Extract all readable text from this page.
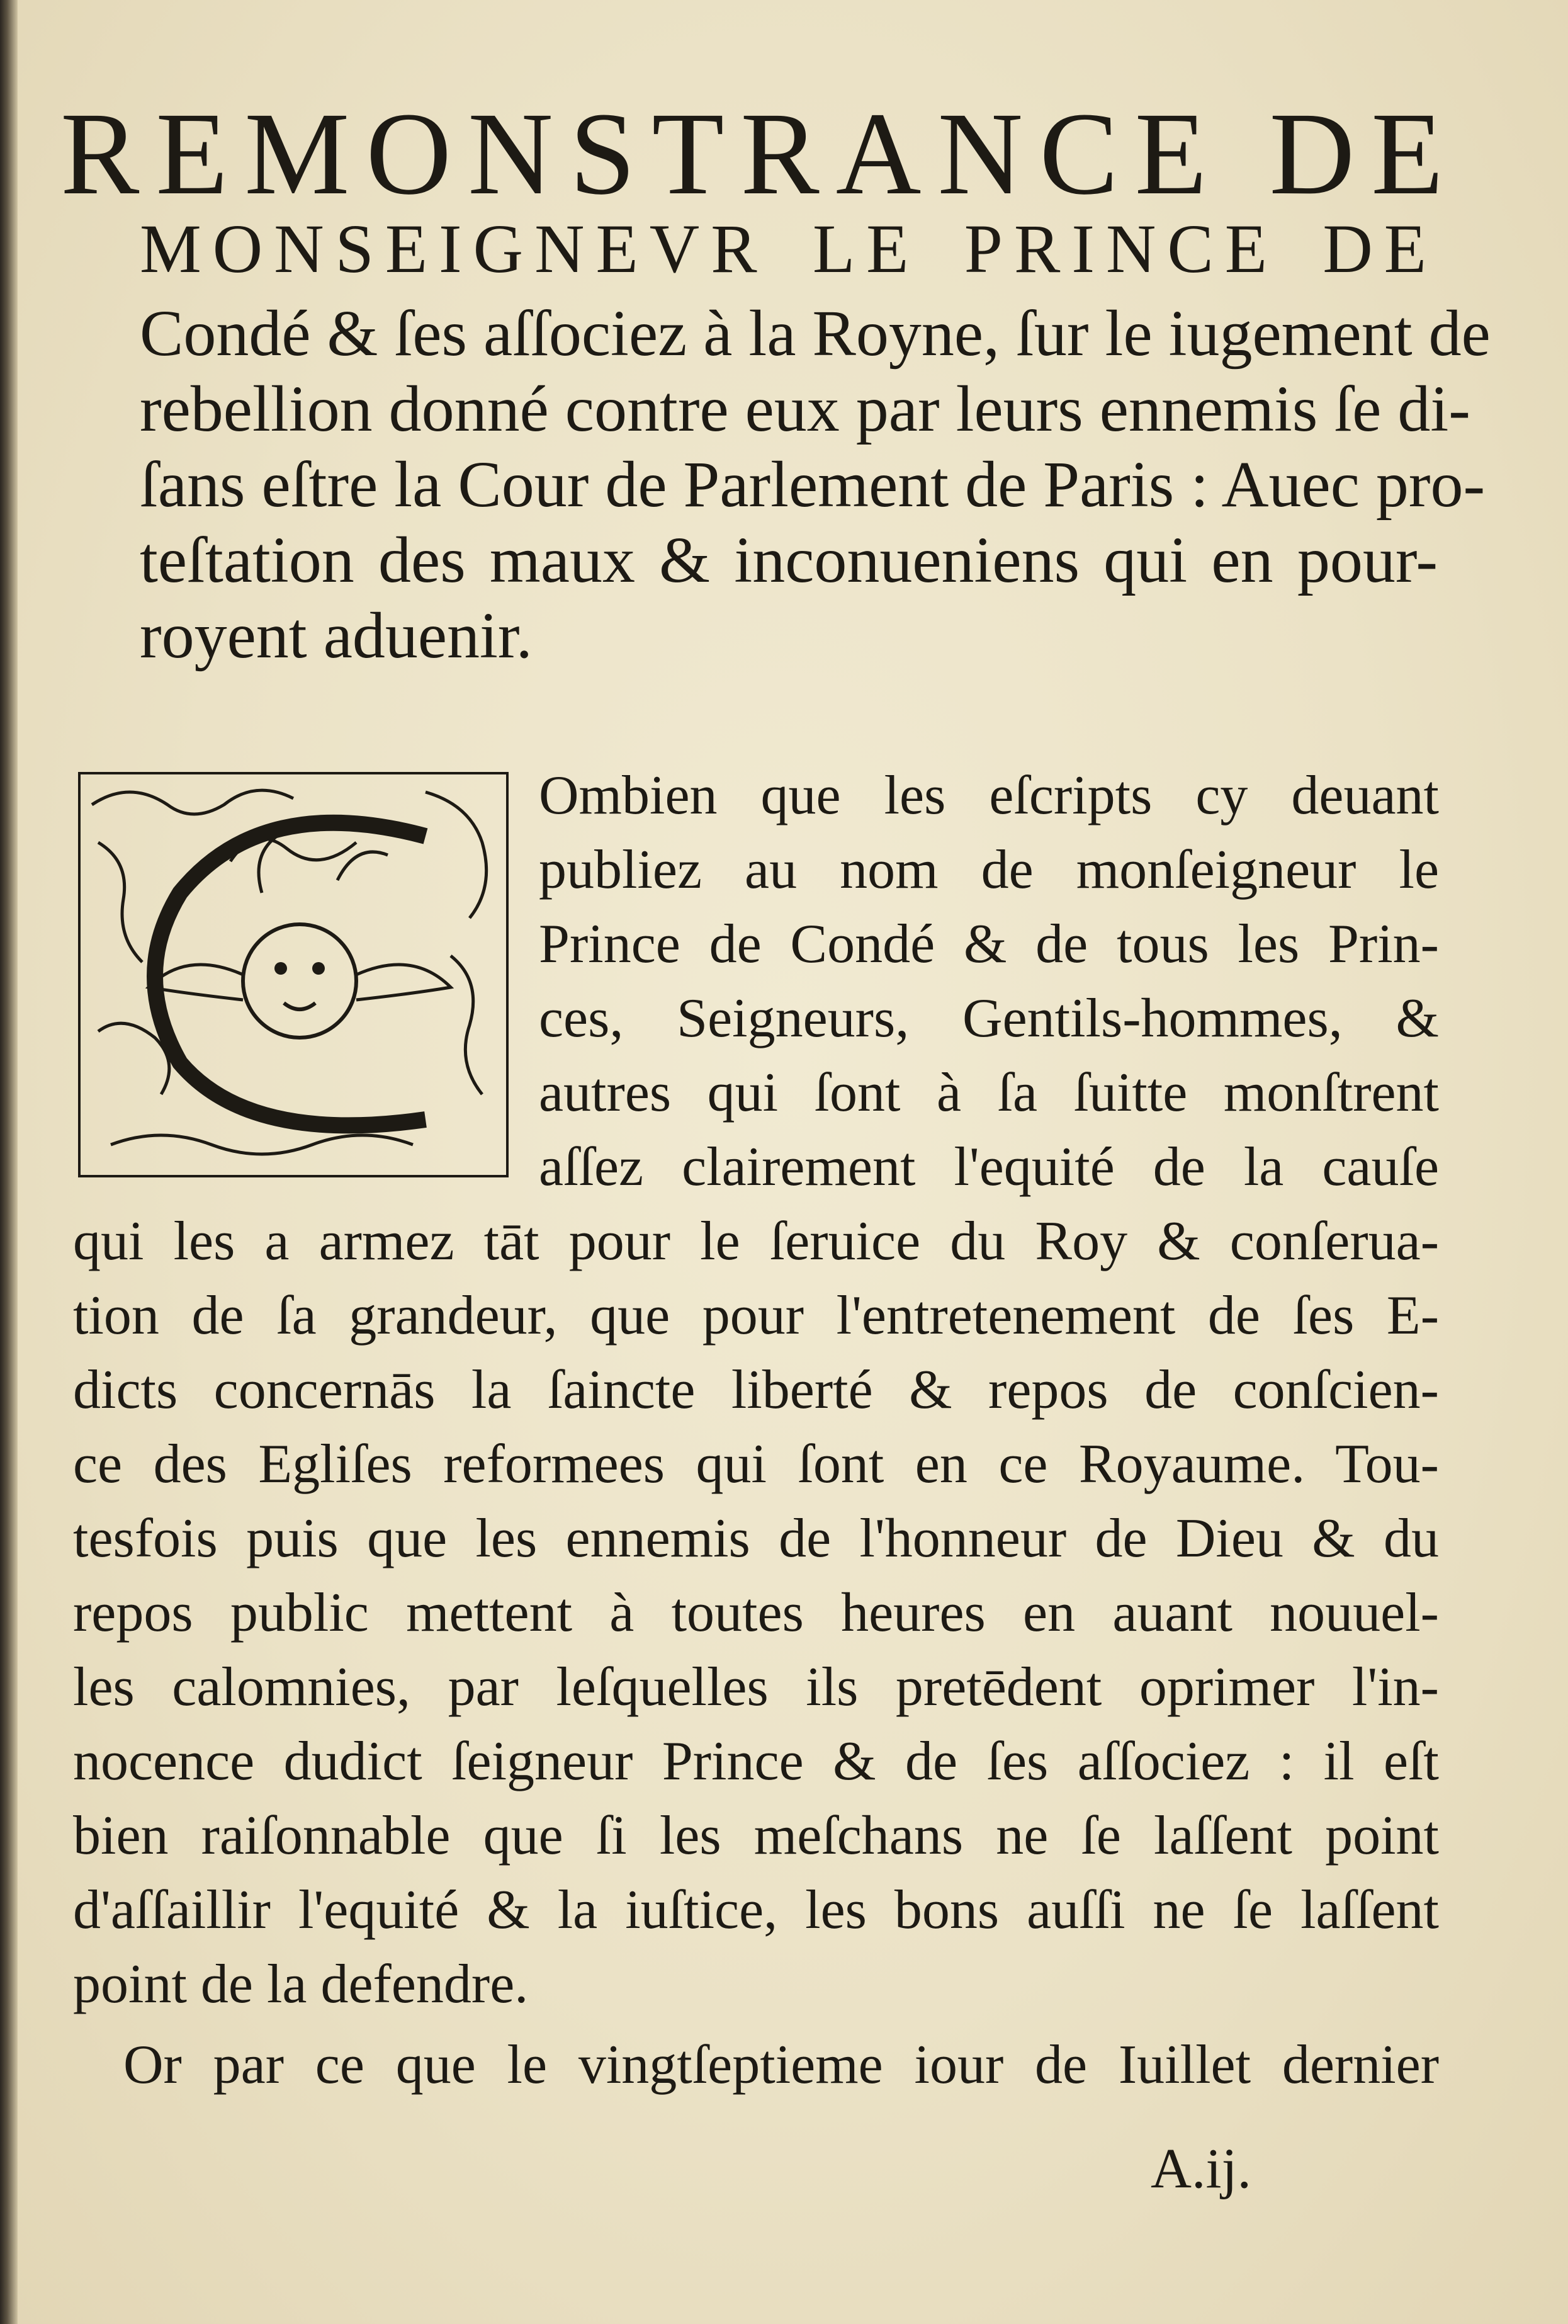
REMONSTRANCE DE
MONSEIGNEVR LE PRINCE DE
Condé & ſes aſſociez à la Royne, ſur le iugement de
rebellion donné contre eux par leurs ennemis ſe di-
ſans eſtre la Cour de Parlement de Paris : Auec pro-
teſtation des maux & inconueniens qui en pour-
royent aduenir.
C
Ombien que les eſcripts cy deuant
publiez au nom de monſeigneur le
Prince de Condé & de tous les Prin-
ces, Seigneurs, Gentils-hommes, &
autres qui ſont à ſa ſuitte monſtrent
aſſez clairement l'equité de la cauſe
qui les a armez tāt pour le ſeruice du Roy & conſerua-
tion de ſa grandeur, que pour l'entretenement de ſes E-
dicts concernās la ſaincte liberté & repos de conſcien-
ce des Egliſes reformees qui ſont en ce Royaume. Tou-
tesfois puis que les ennemis de l'honneur de Dieu & du
repos public mettent à toutes heures en auant nouuel-
les calomnies, par leſquelles ils pretēdent oprimer l'in-
nocence dudict ſeigneur Prince & de ſes aſſociez : il eſt
bien raiſonnable que ſi les meſchans ne ſe laſſent point
d'aſſaillir l'equité & la iuſtice, les bons auſſi ne ſe laſſent
point de la defendre.
Or par ce que le vingtſeptieme iour de Iuillet dernier
A.ij.
